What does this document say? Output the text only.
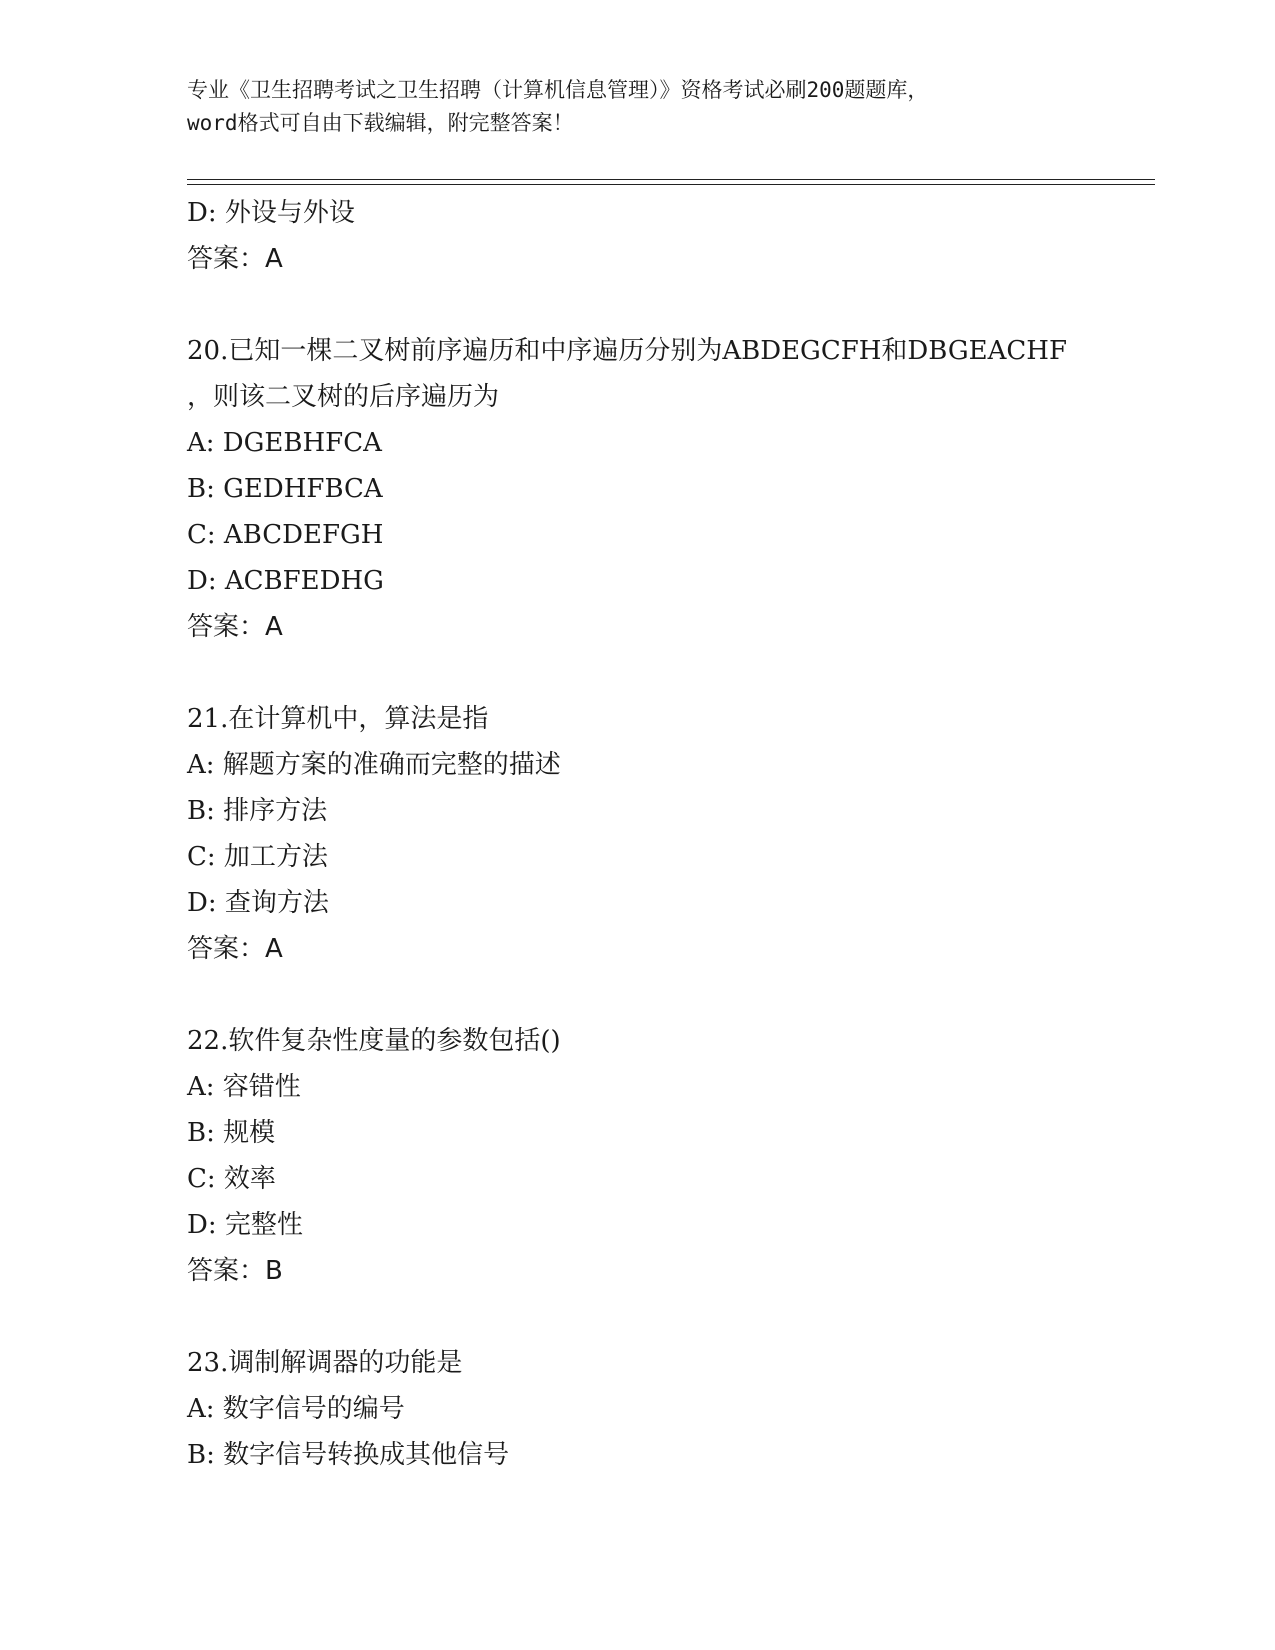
专业《卫生招聘考试之卫生招聘（计算机信息管理）》资格考试必刷200题题库，
word格式可自由下载编辑，附完整答案！
D: 外设与外设
答案：A
20.已知一棵二叉树前序遍历和中序遍历分别为ABDEGCFH和DBGEACHF
，则该二叉树的后序遍历为
A: DGEBHFCA
B: GEDHFBCA
C: ABCDEFGH
D: ACBFEDHG
答案：A
21.在计算机中，算法是指
A: 解题方案的准确而完整的描述
B: 排序方法
C: 加工方法
D: 查询方法
答案：A
22.软件复杂性度量的参数包括()
A: 容错性
B: 规模
C: 效率
D: 完整性
答案：B
23.调制解调器的功能是
A: 数字信号的编号
B: 数字信号转换成其他信号
